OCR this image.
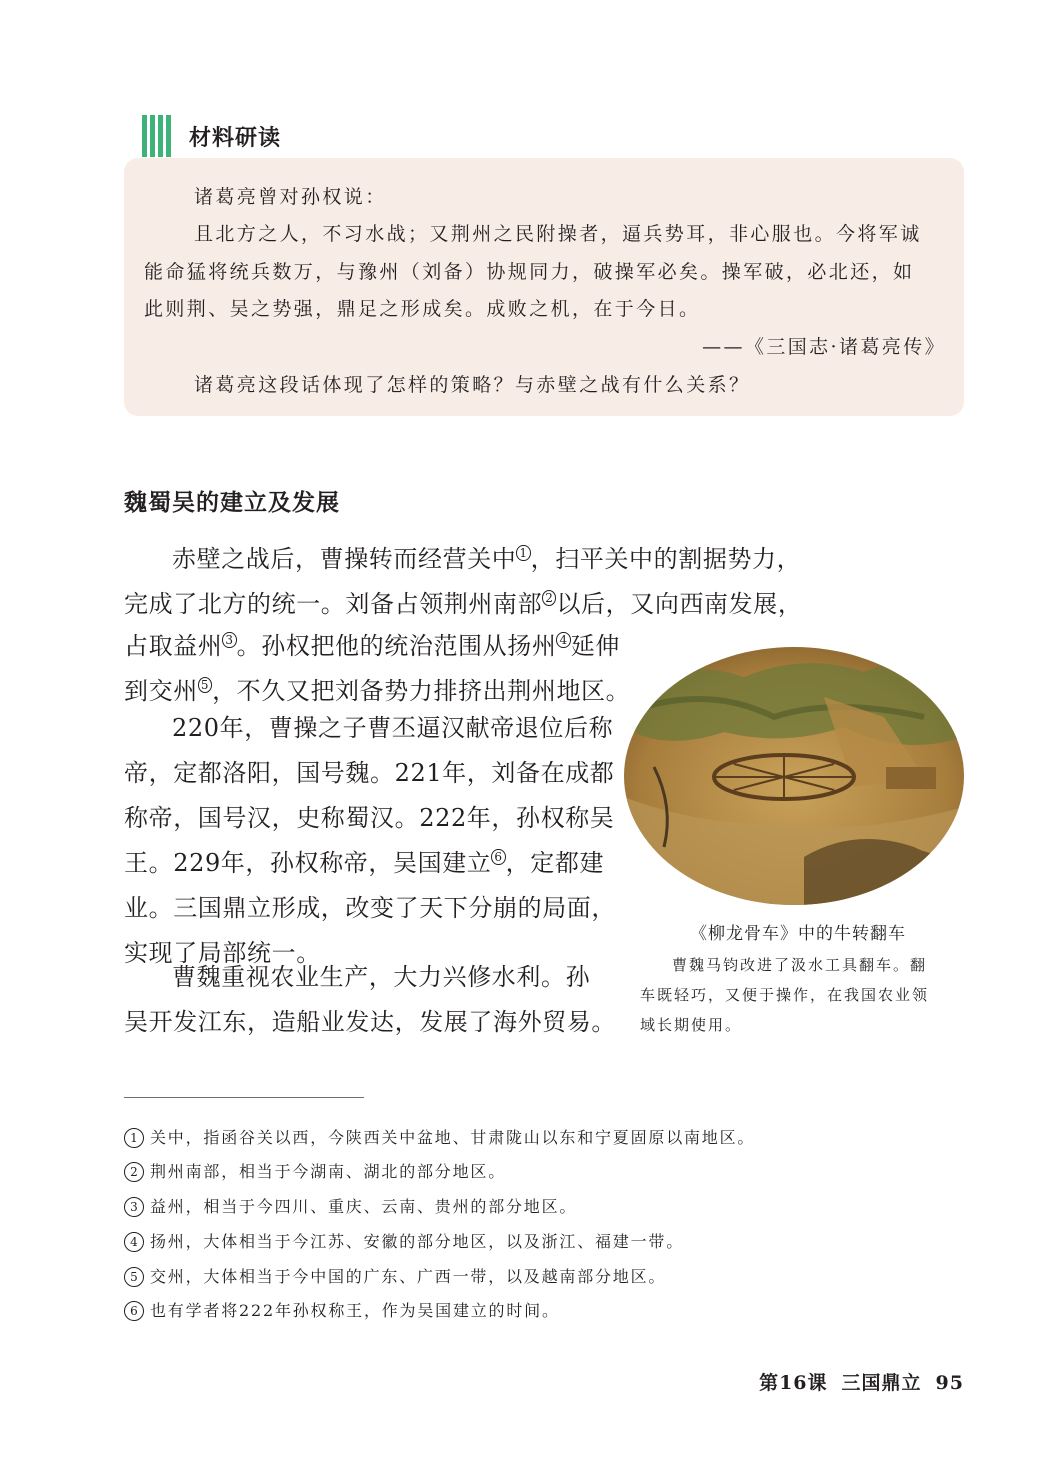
材料研读
诸葛亮曾对孙权说：
且北方之人，不习水战；又荆州之民附操者，逼兵势耳，非心服也。今将军诚
能命猛将统兵数万，与豫州（刘备）协规同力，破操军必矣。操军破，必北还，如
此则荆、吴之势强，鼎足之形成矣。成败之机，在于今日。
——《三国志·诸葛亮传》
诸葛亮这段话体现了怎样的策略？与赤壁之战有什么关系？
魏蜀吴的建立及发展

赤壁之战后，曹操转而经营关中 $^1$ ，扫平关中的割据势力，

完成了北方的统一。刘备占领荆州南部 $^2$ 以后，又向西南发展，

占取益州 $^3$ 。孙权把他的统治范围从扬州 $^4$ 延伸

到交州 $^5$ ，不久又把刘备势力排挤出荆州地区。

220年，曹操之子曹丕逼汉献帝退位后称

帝，定都洛阳，国号魏。221年，刘备在成都

称帝，国号汉，史称蜀汉。222年，孙权称吴

王。229年，孙权称帝，吴国建立 $^6$ ，定都建

业。三国鼎立形成，改变了天下分崩的局面，

实现了局部统一。

曹魏重视农业生产，大力兴修水利。孙

吴开发江东，造船业发达，发展了海外贸易。

《柳龙骨车》中的牛转翻车

曹魏马钧改进了汲水工具翻车。翻

车既轻巧，又便于操作，在我国农业领

域长期使用。

1 关中，指函谷关以西，今陕西关中盆地、甘肃陇山以东和宁夏固原以南地区。
2 荆州南部，相当于今湖南、湖北的部分地区。
3 益州，相当于今四川、重庆、云南、贵州的部分地区。
4 扬州，大体相当于今江苏、安徽的部分地区，以及浙江、福建一带。
5 交州，大体相当于今中国的广东、广西一带，以及越南部分地区。
6 也有学者将222年孙权称王，作为吴国建立的时间。
第16课 三国鼎立 95
